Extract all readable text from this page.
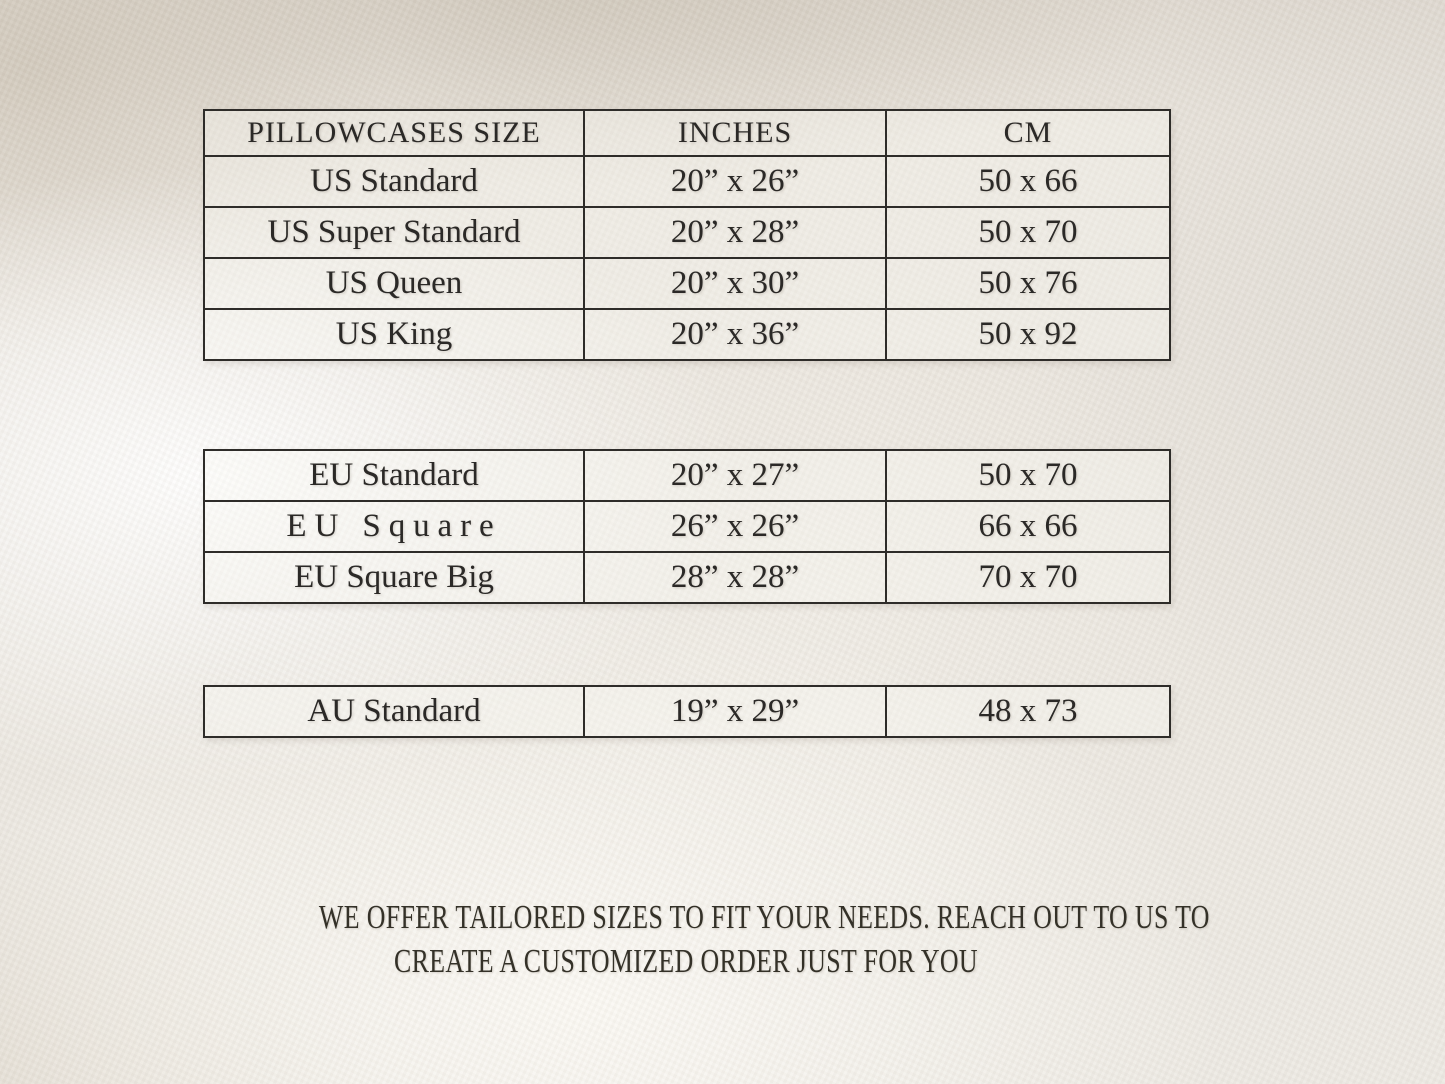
PILLOWCASES SIZE	INCHES	CM
US Standard	20” x 26”	50 x 66
US Super Standard	20” x 28”	50 x 70
US Queen	20” x 30”	50 x 76
US King	20” x 36”	50 x 92
EU Standard	20” x 27”	50 x 70
EU Square	26” x 26”	66 x 66
EU Square Big	28” x 28”	70 x 70
AU Standard	19” x 29”	48 x 73
WE OFFER TAILORED SIZES TO FIT YOUR NEEDS. REACH OUT TO US TO
CREATE A CUSTOMIZED ORDER JUST FOR YOU
